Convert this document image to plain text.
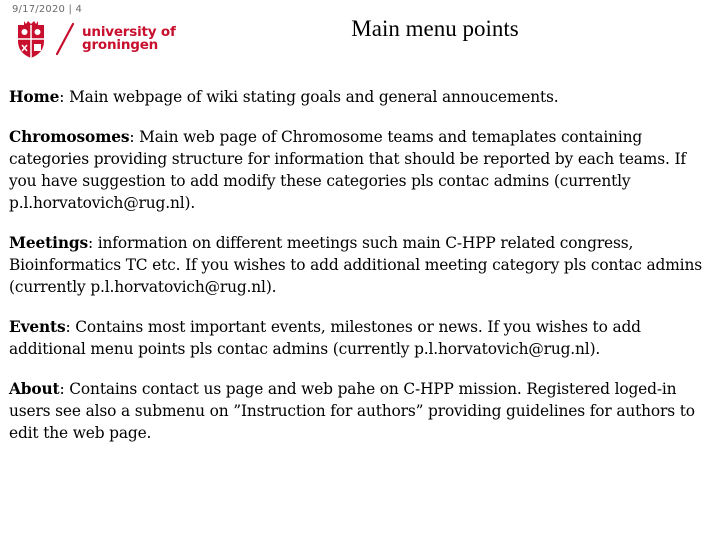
9/17/2020 | 4
university of
groningen
Main menu points

Home: Main webpage of wiki stating goals and general annoucements.

Chromosomes: Main web page of Chromosome teams and temaplates containing categories providing structure for information that should be reported by each teams. If you have suggestion to add modify these categories pls contac admins (currently p.l.horvatovich@rug.nl).

Meetings: information on different meetings such main C-HPP related congress, Bioinformatics TC etc. If you wishes to add additional meeting category pls contac admins (currently p.l.horvatovich@rug.nl).

Events: Contains most important events, milestones or news. If you wishes to add additional menu points pls contac admins (currently p.l.horvatovich@rug.nl).

About: Contains contact us page and web pahe on C-HPP mission. Registered loged-in users see also a submenu on ”Instruction for authors” providing guidelines for authors to edit the web page.
